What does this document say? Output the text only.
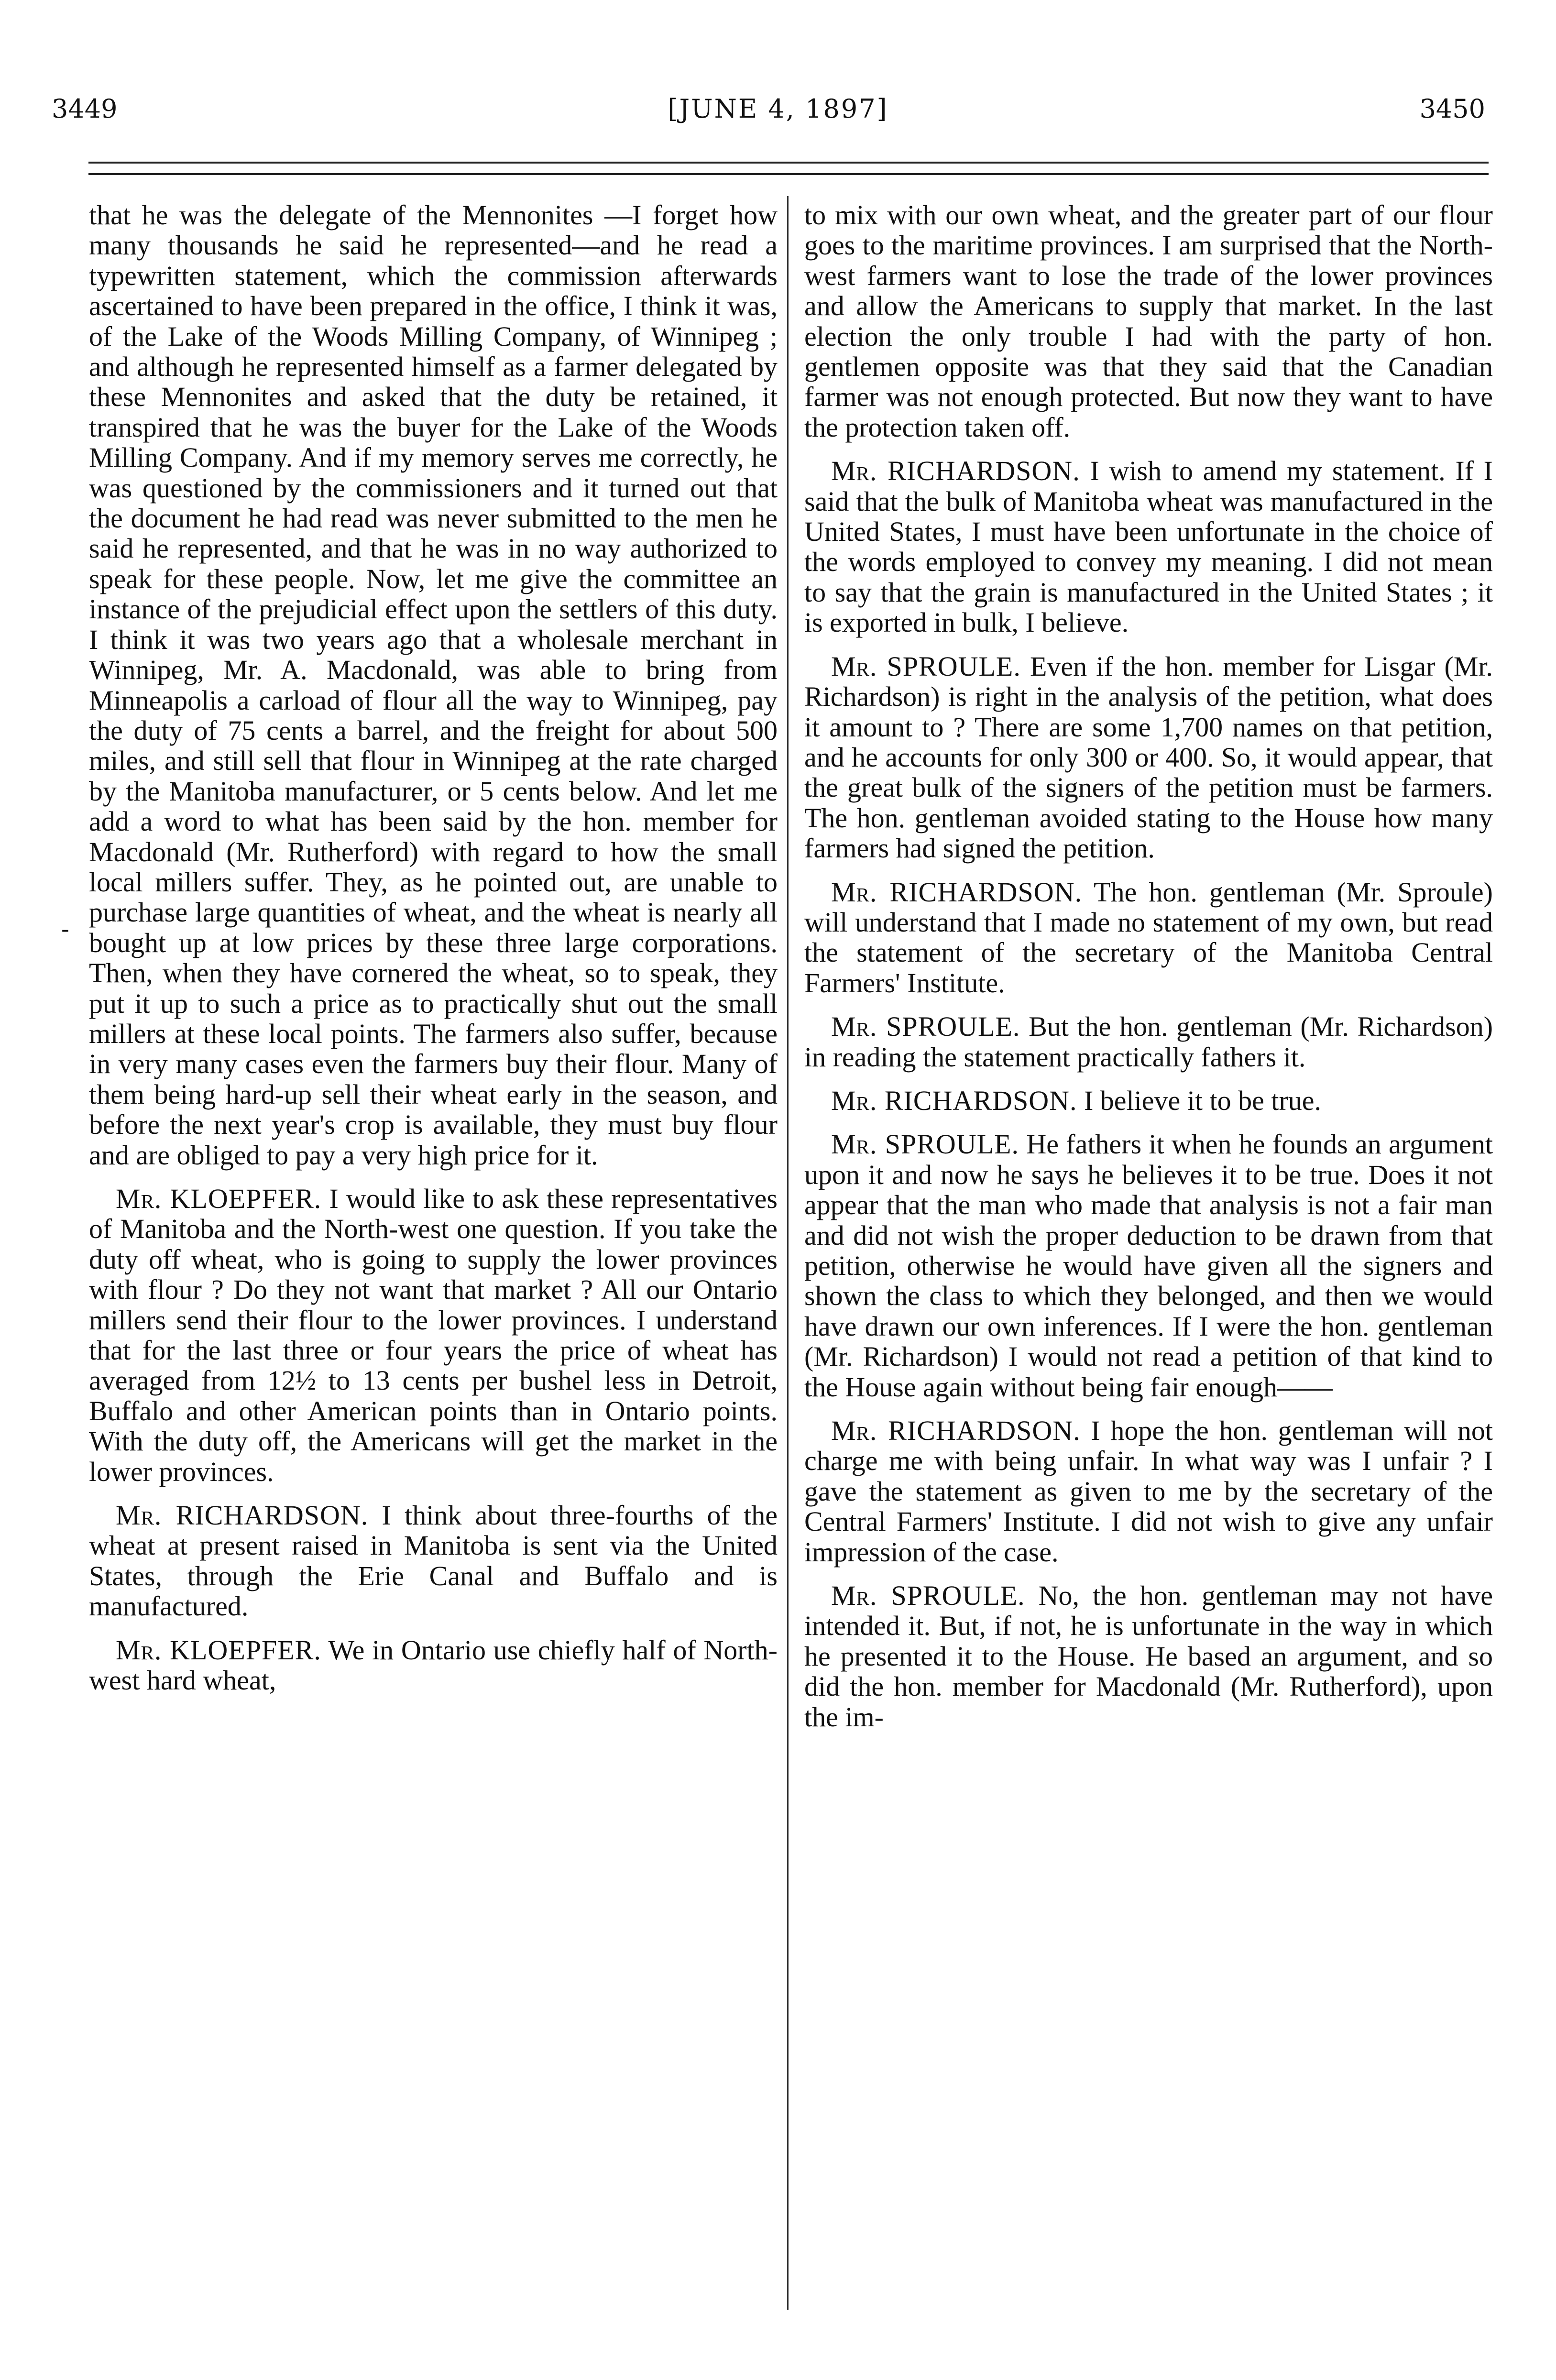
3449	[JUNE 4, 1897]	3450
-

that he was the delegate of the Mennonites —I forget how many thousands he said he represented—and he read a typewritten statement, which the commission afterwards ascertained to have been prepared in the office, I think it was, of the Lake of the Woods Milling Company, of Winnipeg ; and although he represented himself as a farmer delegated by these Mennonites and asked that the duty be retained, it transpired that he was the buyer for the Lake of the Woods Milling Company. And if my memory serves me correctly, he was questioned by the commissioners and it turned out that the document he had read was never submitted to the men he said he represented, and that he was in no way authorized to speak for these people. Now, let me give the committee an instance of the prejudicial effect upon the settlers of this duty. I think it was two years ago that a wholesale merchant in Winnipeg, Mr. A. Macdonald, was able to bring from Minneapolis a carload of flour all the way to Winnipeg, pay the duty of 75 cents a barrel, and the freight for about 500 miles, and still sell that flour in Winnipeg at the rate charged by the Manitoba manufacturer, or 5 cents below. And let me add a word to what has been said by the hon. member for Macdonald (Mr. Rutherford) with regard to how the small local millers suffer. They, as he pointed out, are unable to purchase large quantities of wheat, and the wheat is nearly all bought up at low prices by these three large corporations. Then, when they have cornered the wheat, so to speak, they put it up to such a price as to practically shut out the small millers at these local points. The farmers also suffer, because in very many cases even the farmers buy their flour. Many of them being hard-up sell their wheat early in the season, and before the next year's crop is available, they must buy flour and are obliged to pay a very high price for it.

Mr. KLOEPFER. I would like to ask these representatives of Manitoba and the North-west one question. If you take the duty off wheat, who is going to supply the lower provinces with flour ? Do they not want that market ? All our Ontario millers send their flour to the lower provinces. I understand that for the last three or four years the price of wheat has averaged from 12½ to 13 cents per bushel less in Detroit, Buffalo and other American points than in Ontario points. With the duty off, the Americans will get the market in the lower provinces.

Mr. RICHARDSON. I think about three-fourths of the wheat at present raised in Manitoba is sent via the United States, through the Erie Canal and Buffalo and is manufactured.

Mr. KLOEPFER. We in Ontario use chiefly half of North-west hard wheat,

to mix with our own wheat, and the greater part of our flour goes to the maritime provinces. I am surprised that the North-west farmers want to lose the trade of the lower provinces and allow the Americans to supply that market. In the last election the only trouble I had with the party of hon. gentlemen opposite was that they said that the Canadian farmer was not enough protected. But now they want to have the protection taken off.

Mr. RICHARDSON. I wish to amend my statement. If I said that the bulk of Manitoba wheat was manufactured in the United States, I must have been unfortunate in the choice of the words employed to convey my meaning. I did not mean to say that the grain is manufactured in the United States ; it is exported in bulk, I believe.

Mr. SPROULE. Even if the hon. member for Lisgar (Mr. Richardson) is right in the analysis of the petition, what does it amount to ? There are some 1,700 names on that petition, and he accounts for only 300 or 400. So, it would appear, that the great bulk of the signers of the petition must be farmers. The hon. gentleman avoided stating to the House how many farmers had signed the petition.

Mr. RICHARDSON. The hon. gentleman (Mr. Sproule) will understand that I made no statement of my own, but read the statement of the secretary of the Manitoba Central Farmers' Institute.

Mr. SPROULE. But the hon. gentleman (Mr. Richardson) in reading the statement practically fathers it.

Mr. RICHARDSON. I believe it to be true.

Mr. SPROULE. He fathers it when he founds an argument upon it and now he says he believes it to be true. Does it not appear that the man who made that analysis is not a fair man and did not wish the proper deduction to be drawn from that petition, otherwise he would have given all the signers and shown the class to which they belonged, and then we would have drawn our own inferences. If I were the hon. gentleman (Mr. Richardson) I would not read a petition of that kind to the House again without being fair enough——

Mr. RICHARDSON. I hope the hon. gentleman will not charge me with being unfair. In what way was I unfair ? I gave the statement as given to me by the secretary of the Central Farmers' Institute. I did not wish to give any unfair impression of the case.

Mr. SPROULE. No, the hon. gentleman may not have intended it. But, if not, he is unfortunate in the way in which he presented it to the House. He based an argument, and so did the hon. member for Macdonald (Mr. Rutherford), upon the im-
